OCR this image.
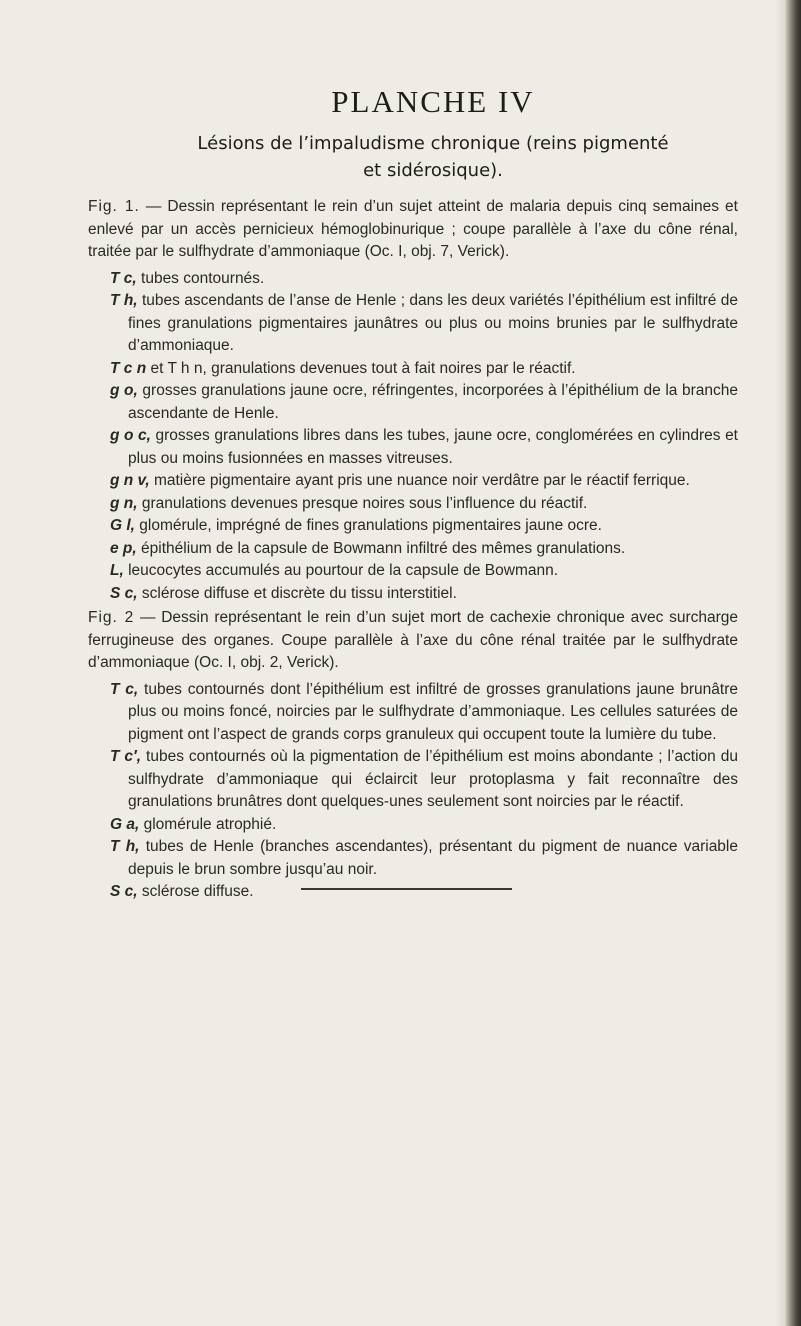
PLANCHE IV
Lésions de l’impaludisme chronique (reins pigmenté
et sidérosique).

Fig. 1. — Dessin représentant le rein d’un sujet atteint de malaria depuis cinq semaines et enlevé par un accès pernicieux hémoglobinurique ; coupe parallèle à l’axe du cône rénal, traitée par le sulfhydrate d’ammoniaque (Oc. I, obj. 7, Verick).

T c, tubes contournés.
T h, tubes ascendants de l’anse de Henle ; dans les deux variétés l’épithélium est infiltré de fines granulations pigmentaires jaunâtres ou plus ou moins brunies par le sulfhydrate d’ammoniaque.
T c n et T h n, granulations devenues tout à fait noires par le réactif.
g o, grosses granulations jaune ocre, réfringentes, incorporées à l’épithélium de la branche ascendante de Henle.
g o c, grosses granulations libres dans les tubes, jaune ocre, conglomérées en cylindres et plus ou moins fusionnées en masses vitreuses.
g n v, matière pigmentaire ayant pris une nuance noir verdâtre par le réactif ferrique.
g n, granulations devenues presque noires sous l’influence du réactif.
G l, glomérule, imprégné de fines granulations pigmentaires jaune ocre.
e p, épithélium de la capsule de Bowmann infiltré des mêmes granulations.
L, leucocytes accumulés au pourtour de la capsule de Bowmann.
S c, sclérose diffuse et discrète du tissu interstitiel.

Fig. 2 — Dessin représentant le rein d’un sujet mort de cachexie chronique avec surcharge ferrugineuse des organes. Coupe parallèle à l’axe du cône rénal traitée par le sulfhydrate d’ammoniaque (Oc. I, obj. 2, Verick).

T c, tubes contournés dont l’épithélium est infiltré de grosses granulations jaune brunâtre plus ou moins foncé, noircies par le sulfhydrate d’ammoniaque. Les cellules saturées de pigment ont l’aspect de grands corps granuleux qui occupent toute la lumière du tube.
T c′, tubes contournés où la pigmentation de l’épithélium est moins abondante ; l’action du sulfhydrate d’ammoniaque qui éclaircit leur protoplasma y fait reconnaître des granulations brunâtres dont quelques-unes seulement sont noircies par le réactif.
G a, glomérule atrophié.
T h, tubes de Henle (branches ascendantes), présentant du pigment de nuance variable depuis le brun sombre jusqu’au noir.
S c, sclérose diffuse.
